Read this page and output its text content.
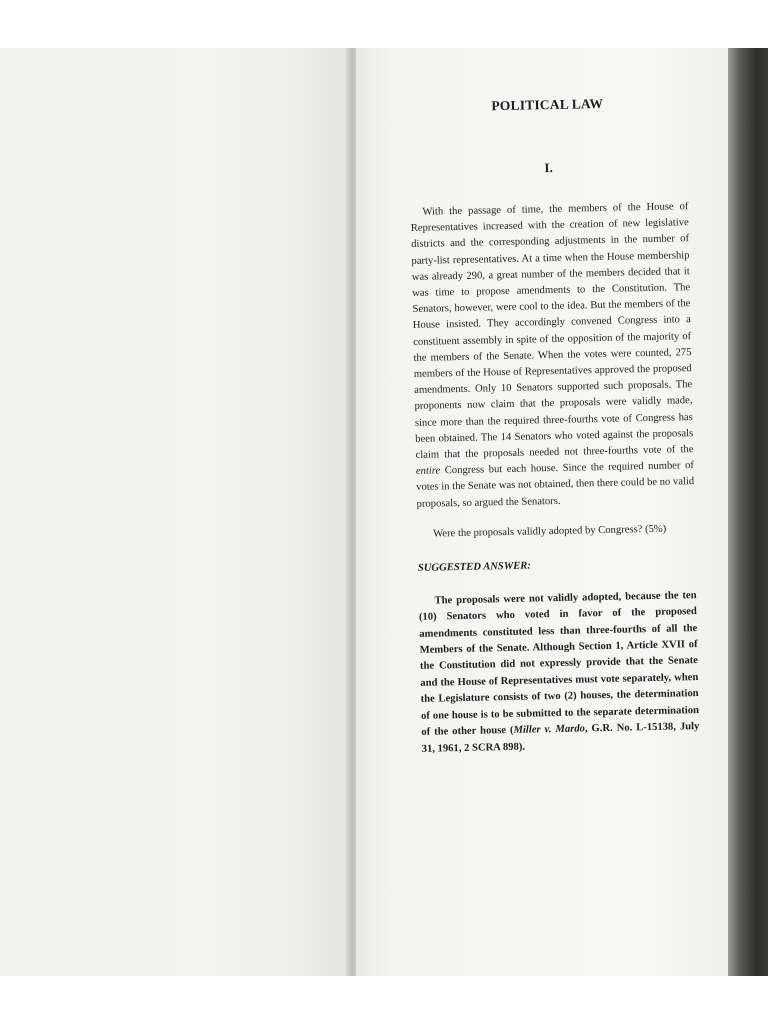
POLITICAL LAW
I.

With the passage of time, the members of the House of Representatives increased with the creation of new legislative districts and the corresponding adjustments in the number of party-list representatives. At a time when the House membership was already 290, a great number of the members decided that it was time to propose amendments to the Constitution. The Senators, however, were cool to the idea. But the members of the House insisted. They accordingly convened Congress into a constituent assembly in spite of the opposition of the majority of the members of the Senate. When the votes were counted, 275 members of the House of Representatives approved the proposed amendments. Only 10 Senators supported such proposals. The proponents now claim that the proposals were validly made, since more than the required three-fourths vote of Congress has been obtained. The 14 Senators who voted against the proposals claim that the proposals needed not three-fourths vote of the entire Congress but each house. Since the required number of votes in the Senate was not obtained, then there could be no valid proposals, so argued the Senators.

Were the proposals validly adopted by Congress? (5%)

SUGGESTED ANSWER:

The proposals were not validly adopted, because the ten (10) Senators who voted in favor of the proposed amendments constituted less than three-fourths of all the Members of the Senate. Although Section 1, Article XVII of the Constitution did not expressly provide that the Senate and the House of Representatives must vote separately, when the Legislature consists of two (2) houses, the determination of one house is to be submitted to the separate determination of the other house (Miller v. Mardo, G.R. No. L-15138, July 31, 1961, 2 SCRA 898).
